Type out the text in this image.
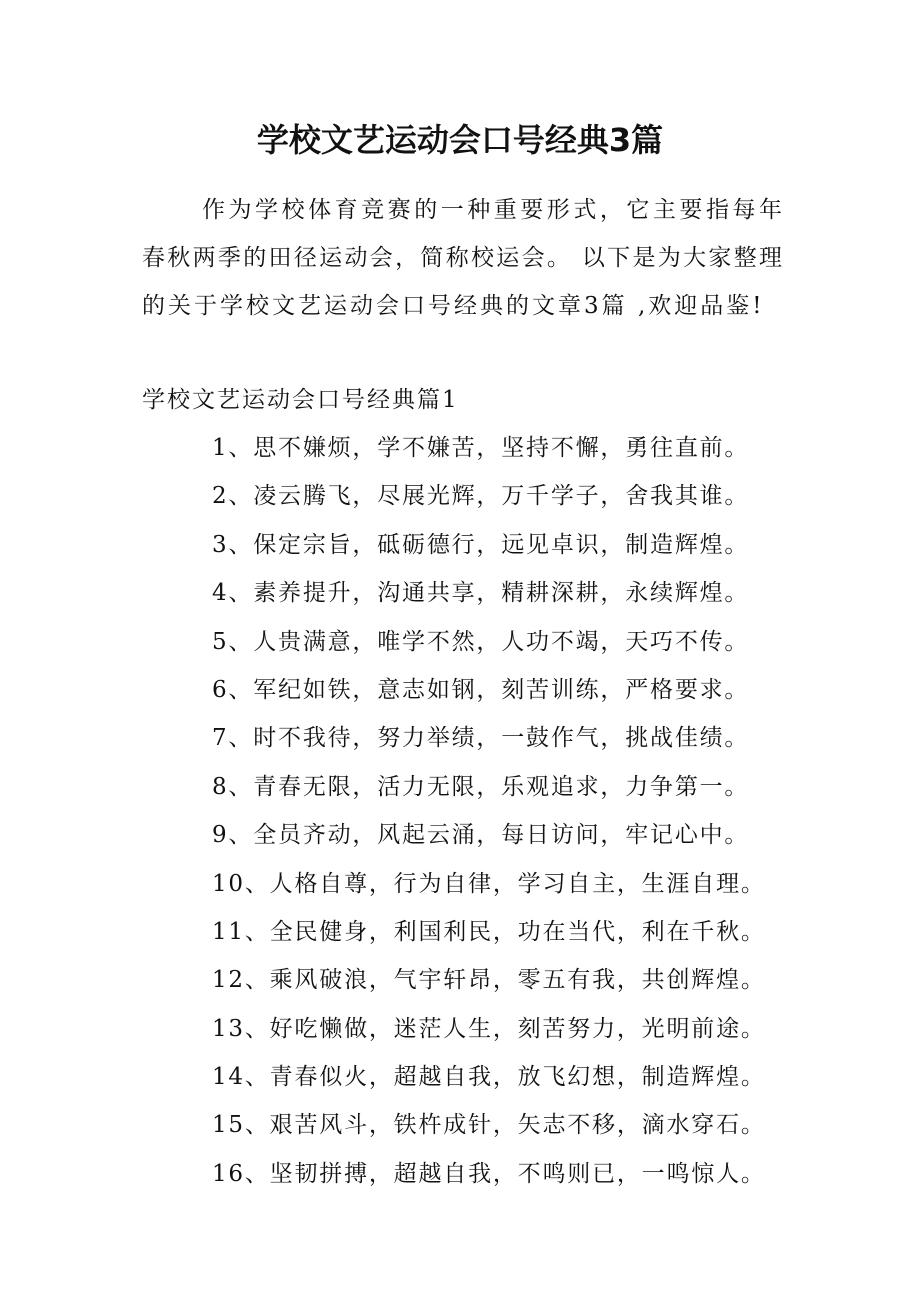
学校文艺运动会口号经典3篇
作为学校体育竞赛的一种重要形式，它主要指每年
春秋两季的田径运动会，简称校运会。 以下是为大家整理
的关于学校文艺运动会口号经典的文章3篇 ,欢迎品鉴!
学校文艺运动会口号经典篇1
1、思不嫌烦，学不嫌苦，坚持不懈，勇往直前。
2、凌云腾飞，尽展光辉，万千学子，舍我其谁。
3、保定宗旨，砥砺德行，远见卓识，制造辉煌。
4、素养提升，沟通共享，精耕深耕，永续辉煌。
5、人贵满意，唯学不然，人功不竭，天巧不传。
6、军纪如铁，意志如钢，刻苦训练，严格要求。
7、时不我待，努力举绩，一鼓作气，挑战佳绩。
8、青春无限，活力无限，乐观追求，力争第一。
9、全员齐动，风起云涌，每日访问，牢记心中。
10、人格自尊，行为自律，学习自主，生涯自理。
11、全民健身，利国利民，功在当代，利在千秋。
12、乘风破浪，气宇轩昂，零五有我，共创辉煌。
13、好吃懒做，迷茫人生，刻苦努力，光明前途。
14、青春似火，超越自我，放飞幻想，制造辉煌。
15、艰苦风斗，铁杵成针，矢志不移，滴水穿石。
16、坚韧拼搏，超越自我，不鸣则已，一鸣惊人。
